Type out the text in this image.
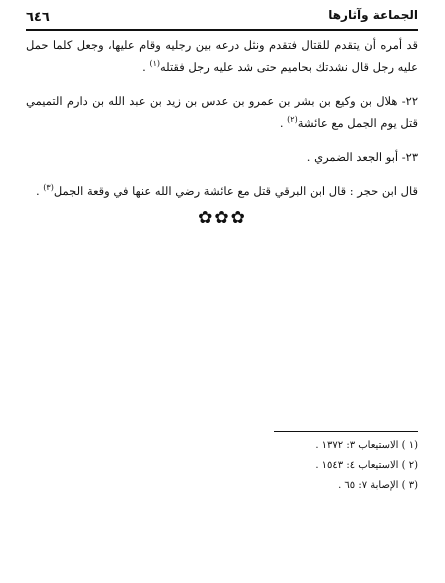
٦٤٦	الجماعة وآثارها

قد أمره أن يتقدم للقتال فتقدم ونثل درعه بين رجليه وقام عليها، وجعل كلما حمل عليه رجل قال نشدتك بحاميم حتى شد عليه رجل فقتله$^{(١)}$ .

٢٢- هلال بن وكيع بن بشر بن عمرو بن عدس بن زيد بن عبد الله بن دارم التميمي قتل يوم الجمل مع عائشة$^{(٢)}$ .

٢٣- أبو الجعد الضمري .

قال ابن حجر : قال ابن البرقي قتل مع عائشة رضي الله عنها في وقعة الجمل$^{(٣)}$ .

✿✿✿
(١ ) الاستيعاب ٣: ١٣٧٢ .
(٢ ) الاستيعاب ٤: ١٥٤٣ .
(٣ ) الإصابة ٧: ٦٥ .
